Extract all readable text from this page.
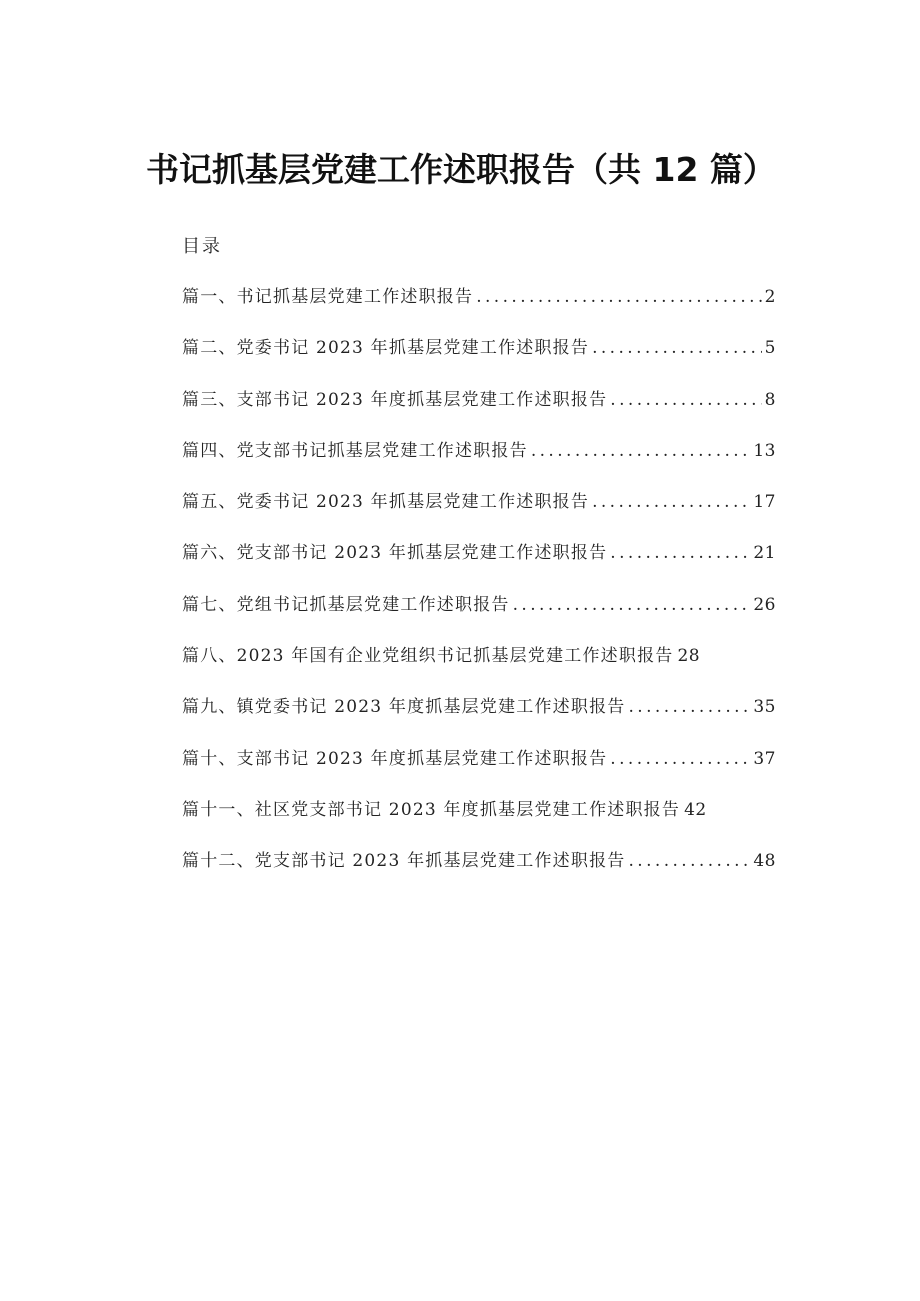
书记抓基层党建工作述职报告（共 12 篇）
目录
篇一、书记抓基层党建工作述职报告 .....	2
篇二、党委书记 2023 年抓基层党建工作述职报告 .....	5
篇三、支部书记 2023 年度抓基层党建工作述职报告 .....	8
篇四、党支部书记抓基层党建工作述职报告 .....	13
篇五、党委书记 2023 年抓基层党建工作述职报告 .....	17
篇六、党支部书记 2023 年抓基层党建工作述职报告 .....	21
篇七、党组书记抓基层党建工作述职报告 .....	26
篇八、2023 年国有企业党组织书记抓基层党建工作述职报告 28
篇九、镇党委书记 2023 年度抓基层党建工作述职报告 .....	35
篇十、支部书记 2023 年度抓基层党建工作述职报告 .....	37
篇十一、社区党支部书记 2023 年度抓基层党建工作述职报告 42
篇十二、党支部书记 2023 年抓基层党建工作述职报告 .....	48
